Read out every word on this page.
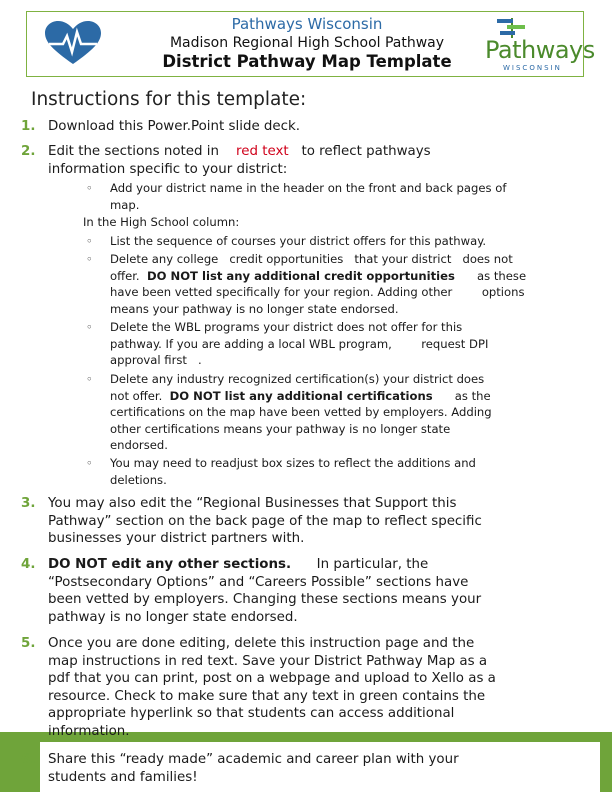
Pathways Wisconsin
Madison Regional High School Pathway
District Pathway Map Template	Pathways
WISCONSIN
Instructions for this template:
1. Download this Power.Point slide deck.
2. Edit the sections noted in red text to reflect pathways
information specific to your district:
◦ Add your district name in the header on the front and back pages of
map.
In the High School column:
◦ List the sequence of courses your district offers for this pathway.
◦ Delete any college credit opportunities that your district does not
offer. DO NOT list any additional credit opportunities as these
have been vetted specifically for your region. Adding other	options
means your pathway is no longer state endorsed.
◦ Delete the WBL programs your district does not offer for this
pathway. If you are adding a local WBL program,	request DPI
approval first .
◦ Delete any industry recognized certification(s) your district does
not offer. DO NOT list any additional certifications as the
certifications on the map have been vetted by employers. Adding
other certifications means your pathway is no longer state
endorsed.
◦ You may need to readjust box sizes to reflect the additions and
deletions.
3. You may also edit the “Regional Businesses that Support this
Pathway” section on the back page of the map to reflect specific
businesses your district partners with.
4. DO NOT edit any other sections. In particular, the
“Postsecondary Options” and “Careers Possible” sections have
been vetted by employers. Changing these sections means your
pathway is no longer state endorsed.
5. Once you are done editing, delete this instruction page and the
map instructions in red text. Save your District Pathway Map as a
pdf that you can print, post on a webpage and upload to Xello as a
resource. Check to make sure that any text in green contains the
appropriate hyperlink so that students can access additional
information.
6. Share this “ready made” academic and career plan with your
students and families!
